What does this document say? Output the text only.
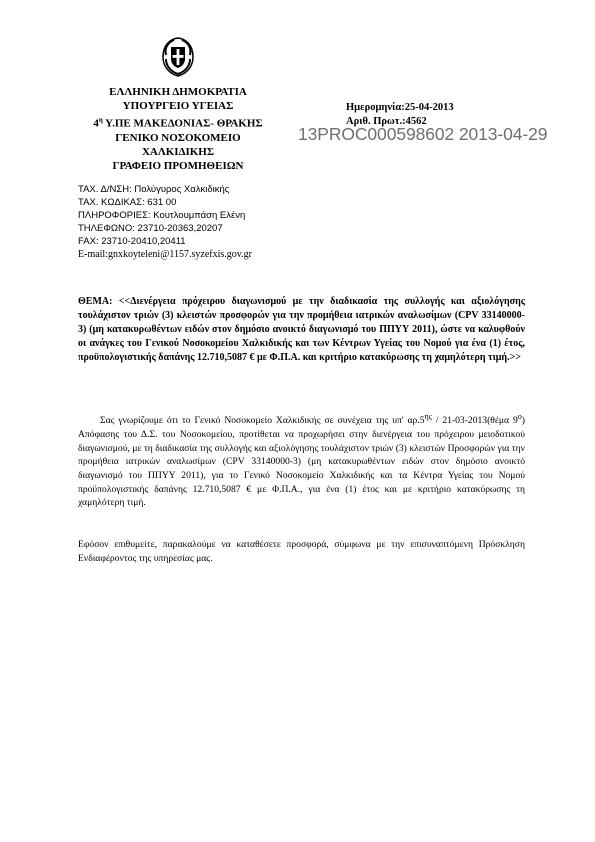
ΕΛΛΗΝΙΚΗ ΔΗΜΟΚΡΑΤΙΑ
ΥΠΟΥΡΓΕΙΟ ΥΓΕΙΑΣ
$4^\eta$ Υ.ΠΕ ΜΑΚΕΔΟΝΙΑΣ- ΘΡΑΚΗΣ
ΓΕΝΙΚΟ ΝΟΣΟΚΟΜΕΙΟ ΧΑΛΚΙΔΙΚΗΣ
ΓΡΑΦΕΙΟ ΠΡΟΜΗΘΕΙΩΝ
Ημερομηνία:25-04-2013
Αριθ. Πρωτ.:4562
13PROC000598602 2013-04-29
ΤΑΧ. Δ/ΝΣΗ: Πολύγυρος Χαλκιδικής
ΤΑΧ. ΚΩΔΙΚΑΣ: 631 00
ΠΛΗΡΟΦΟΡΙΕΣ: Κουτλουμπάση Ελένη
ΤΗΛΕΦΩΝΟ: 23710-20363,20207
FAX: 23710-20410,20411
E-mail:gnxkoyteleni@1157.syzefxis.gov.gr
ΘΕΜΑ: <<Διενέργεια πρόχειρου διαγωνισμού με την διαδικασία της συλλογής και αξιολόγησης τουλάχιστον τριών (3) κλειστών προσφορών για την προμήθεια ιατρικών αναλωσίμων (CPV 33140000-3) (μη κατακυρωθέντων ειδών στον δημόσιο ανοικτό διαγωνισμό του ΠΠΥΥ 2011), ώστε να καλυφθούν οι ανάγκες του Γενικού Νοσοκομείου Χαλκιδικής και των Κέντρων Υγείας του Νομού για ένα (1) έτος, προϋπολογιστικής δαπάνης 12.710,5087 € με Φ.Π.Α. και κριτήριο κατακύρωσης τη χαμηλότερη τιμή.>>
Σας γνωρίζουμε ότι το Γενικό Νοσοκομείο Χαλκιδικής σε συνέχεια της υπ' $\alpha\rho.5^{\eta\varsigma} / 21-03-2013(\theta έ\mu\alpha$ $9^o$) Απόφασης του Δ.Σ. του Νοσοκομείου, προτίθεται να προχωρήσει στην διενέργεια του πρόχειρου μειοδοτικού διαγωνισμού, με τη διαδικασία της συλλογής και αξιολόγησης τουλάχιστον τριών (3) κλειστών Προσφορών για την προμήθεια ιατρικών αναλωσίμων (CPV 33140000-3) (μη κατακυρωθέντων ειδών στον δημόσιο ανοικτό διαγωνισμό του ΠΠΥΥ 2011), για το Γενικό Νοσοκομείο Χαλκιδικής και τα Κέντρα Υγείας του Νομού προϋπολογιστικής δαπάνης 12.710,5087 € με Φ.Π.Α., για ένα (1) έτος και με κριτήριο κατακύρωσης τη χαμηλότερη τιμή.
Εφόσον επιθυμείτε, παρακαλούμε να καταθέσετε προσφορά, σύμφωνα με την επισυναπτόμενη Πρόσκληση Ενδιαφέροντος της υπηρεσίας μας.
